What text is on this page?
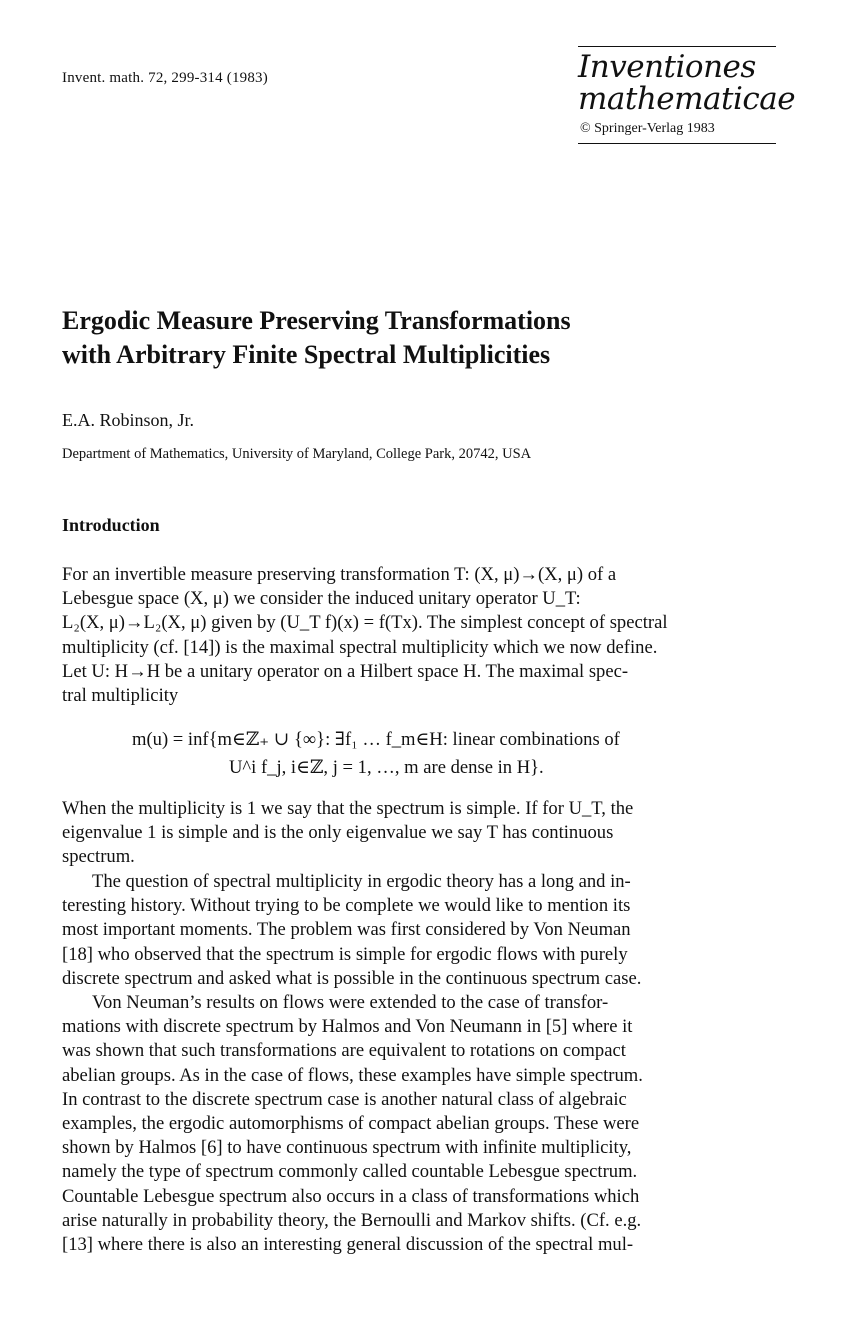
Invent. math. 72, 299-314 (1983)	Inventiones
mathematicae
© Springer-Verlag 1983
Ergodic Measure Preserving Transformations
with Arbitrary Finite Spectral Multiplicities
E.A. Robinson, Jr.
Department of Mathematics, University of Maryland, College Park, 20742, USA
Introduction
For an invertible measure preserving transformation T: (X, μ)→(X, μ) of a
Lebesgue space (X, μ) we consider the induced unitary operator U_T:
L₂(X, μ)→L₂(X, μ) given by (U_T f)(x) = f(Tx). The simplest concept of spectral
multiplicity (cf. [14]) is the maximal spectral multiplicity which we now define.
Let U: H→H be a unitary operator on a Hilbert space H. The maximal spec-
tral multiplicity
m(u) = inf{m∈ℤ₊ ∪ {∞}: ∃f₁ … f_m∈H: linear combinations of
U^i f_j, i∈ℤ, j = 1, …, m are dense in H}.
When the multiplicity is 1 we say that the spectrum is simple. If for U_T, the
eigenvalue 1 is simple and is the only eigenvalue we say T has continuous
spectrum.
The question of spectral multiplicity in ergodic theory has a long and in-
teresting history. Without trying to be complete we would like to mention its
most important moments. The problem was first considered by Von Neuman
[18] who observed that the spectrum is simple for ergodic flows with purely
discrete spectrum and asked what is possible in the continuous spectrum case.
Von Neuman’s results on flows were extended to the case of transfor-
mations with discrete spectrum by Halmos and Von Neumann in [5] where it
was shown that such transformations are equivalent to rotations on compact
abelian groups. As in the case of flows, these examples have simple spectrum.
In contrast to the discrete spectrum case is another natural class of algebraic
examples, the ergodic automorphisms of compact abelian groups. These were
shown by Halmos [6] to have continuous spectrum with infinite multiplicity,
namely the type of spectrum commonly called countable Lebesgue spectrum.
Countable Lebesgue spectrum also occurs in a class of transformations which
arise naturally in probability theory, the Bernoulli and Markov shifts. (Cf. e.g.
[13] where there is also an interesting general discussion of the spectral mul-
